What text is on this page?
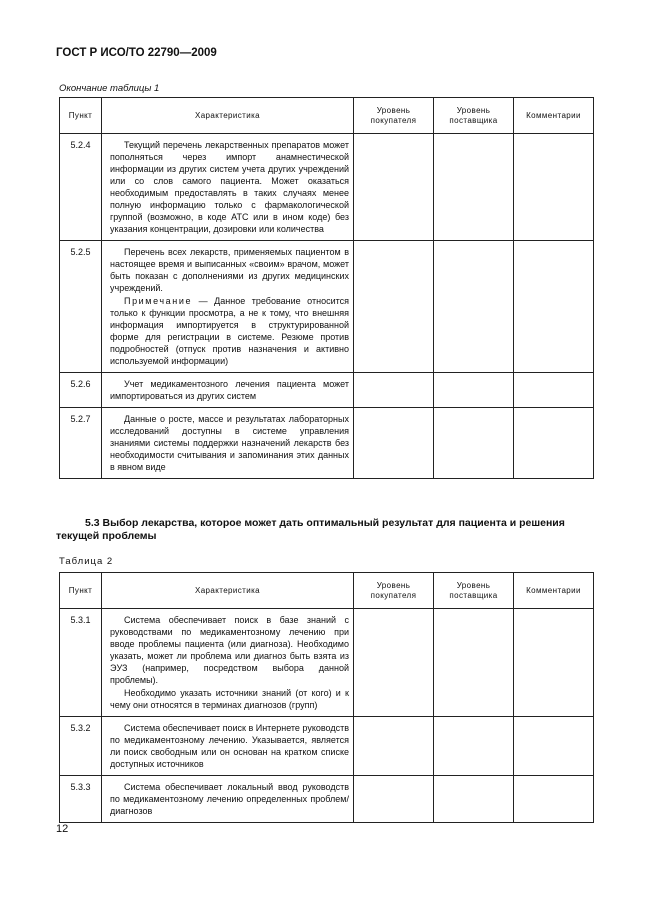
ГОСТ Р ИСО/ТО 22790—2009
Окончание таблицы 1
Пункт	Характеристика	Уровень покупателя	Уровень поставщика	Комментарии
5.2.4	Текущий перечень лекарственных препаратов может пополняться через импорт анамнестической информации из других систем учета других учреждений или со слов самого пациента. Может оказаться необходимым предоставлять в таких случаях менее полную информацию только с фармакологической группой (возможно, в коде АТС или в ином коде) без указания концентрации, дозировки или количества			

5.2.5	Перечень всех лекарств, применяемых пациентом в настоящее время и выписанных «своим» врачом, может быть показан с дополнениями из других медицинских учреждений.

Примечание — Данное требование относится только к функции просмотра, а не к тому, что внешняя информация импортируется в структурированной форме для регистрации в системе. Резюме против подробностей (отпуск против назначения и активно используемой информации)			

5.2.6	Учет медикаментозного лечения пациента может импортироваться из других систем			

5.2.7	Данные о росте, массе и результатах лабораторных исследований доступны в системе управления знаниями системы поддержки назначений лекарств без необходимости считывания и запоминания этих данных в явном виде			

5.3 Выбор лекарства, которое может дать оптимальный результат для пациента и решения текущей проблемы
Таблица 2
Пункт	Характеристика	Уровень покупателя	Уровень поставщика	Комментарии
5.3.1	Система обеспечивает поиск в базе знаний с руководствами по медикаментозному лечению при вводе проблемы пациента (или диагноза). Необходимо указать, может ли проблема или диагноз быть взята из ЭУЗ (например, посредством выбора данной проблемы).

Необходимо указать источники знаний (от кого) и к чему они относятся в терминах диагнозов (групп)			

5.3.2	Система обеспечивает поиск в Интернете руководств по медикаментозному лечению. Указывается, является ли поиск свободным или он основан на кратком списке доступных источников			

5.3.3	Система обеспечивает локальный ввод руководств по медикаментозному лечению определенных проблем/диагнозов			

12
